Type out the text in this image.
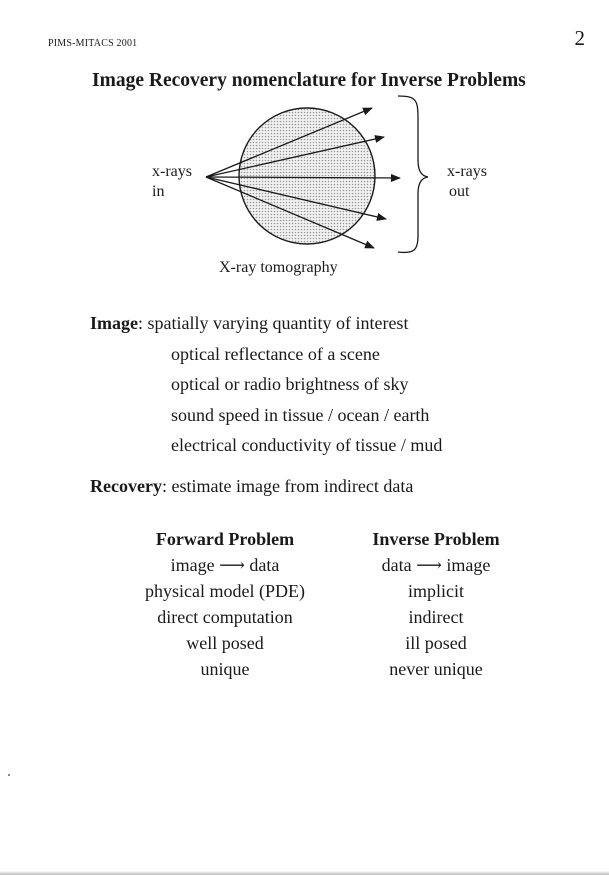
PIMS-MITACS 2001	2
Image Recovery nomenclature for Inverse Problems
x-rays
in
x-rays
out
X-ray tomography
Image: spatially varying quantity of interest
optical reflectance of a scene
optical or radio brightness of sky
sound speed in tissue / ocean / earth
electrical conductivity of tissue / mud
Recovery: estimate image from indirect data
Forward Problem
image ⟶ data
physical model (PDE)
direct computation
well posed
unique
Inverse Problem
data ⟶ image
implicit
indirect
ill posed
never unique
